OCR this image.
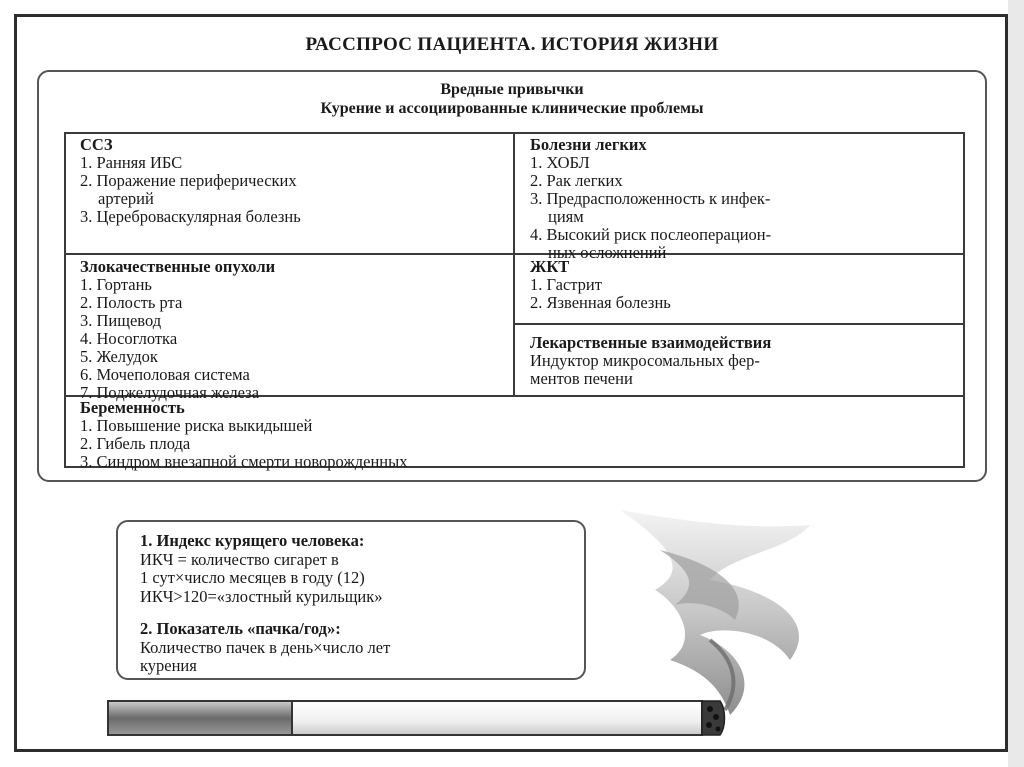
РАССПРОС ПАЦИЕНТА. ИСТОРИЯ ЖИЗНИ
Вредные привычки
Курение и ассоциированные клинические проблемы
ССЗ
1. Ранняя ИБС
2. Поражение периферических
артерий
3. Цереброваскулярная болезнь
Болезни легких
1. ХОБЛ
2. Рак легких
3. Предрасположенность к инфек-
циям
4. Высокий риск послеоперацион-
ных осложнений
Злокачественные опухоли
1. Гортань
2. Полость рта
3. Пищевод
4. Носоглотка
5. Желудок
6. Мочеполовая система
7. Поджелудочная железа
ЖКТ
1. Гастрит
2. Язвенная болезнь
Лекарственные взаимодействия
Индуктор микросомальных фер-
ментов печени
Беременность
1. Повышение риска выкидышей
2. Гибель плода
3. Синдром внезапной смерти новорожденных
1. Индекс курящего человека:
ИКЧ = количество сигарет в
1 сут×число месяцев в году (12)
ИКЧ>120=«злостный курильщик»
2. Показатель «пачка/год»:
Количество пачек в день×число лет
курения
